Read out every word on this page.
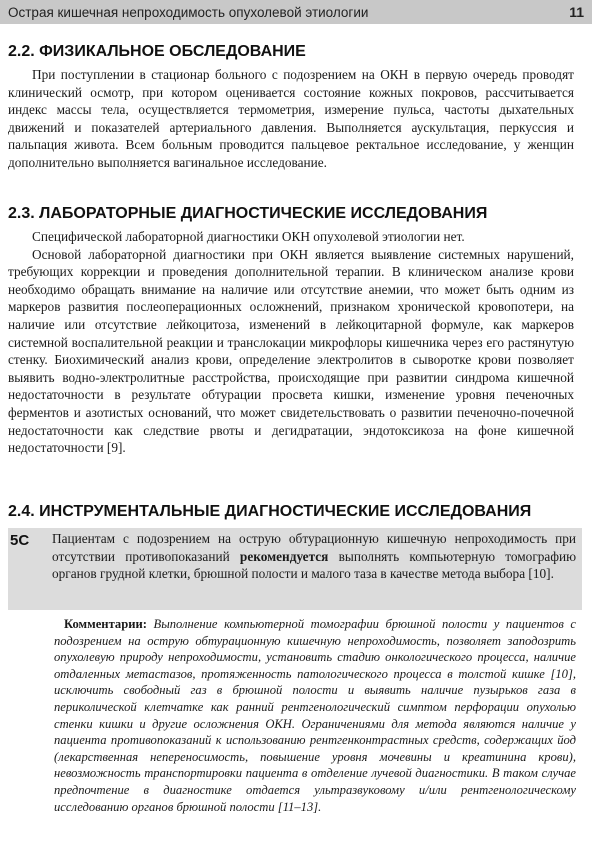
Острая кишечная непроходимость опухолевой этиологии	11
2.2. ФИЗИКАЛЬНОЕ ОБСЛЕДОВАНИЕ

При поступлении в стационар больного с подозрением на ОКН в первую очередь проводят клинический осмотр, при котором оценивается состояние кожных покровов, рассчитывается индекс массы тела, осуществляется термометрия, измерение пульса, частоты дыхательных движений и показателей артериального давления. Выполняется аускультация, перкуссия и пальпация живота. Всем больным проводится пальцевое ректальное исследование, у женщин дополнительно выполняется вагинальное исследование.

2.3. ЛАБОРАТОРНЫЕ ДИАГНОСТИЧЕСКИЕ ИССЛЕДОВАНИЯ

Специфической лабораторной диагностики ОКН опухолевой этиологии нет.

Основой лабораторной диагностики при ОКН является выявление системных нарушений, требующих коррекции и проведения дополнительной терапии. В клиническом анализе крови необходимо обращать внимание на наличие или отсутствие анемии, что может быть одним из маркеров развития послеоперационных осложнений, признаком хронической кровопотери, на наличие или отсутствие лейкоцитоза, изменений в лейкоцитарной формуле, как маркеров системной воспалительной реакции и транслокации микрофлоры кишечника через его растянутую стенку. Биохимический анализ крови, определение электролитов в сыворотке крови позволяет выявить водно-электролитные расстройства, происходящие при развитии синдрома кишечной недостаточности в результате обтурации просвета кишки, изменение уровня печеночных ферментов и азотистых оснований, что может свидетельствовать о развитии печеночно-почечной недостаточности как следствие рвоты и дегидратации, эндотоксикоза на фоне кишечной недостаточности [9].

2.4. ИНСТРУМЕНТАЛЬНЫЕ ДИАГНОСТИЧЕСКИЕ ИССЛЕДОВАНИЯ
5С	Пациентам с подозрением на острую обтурационную кишечную непроходимость при отсутствии противопоказаний рекомендуется выполнять компьютерную томографию органов грудной клетки, брюшной полости и малого таза в качестве метода выбора [10].

Комментарии: Выполнение компьютерной томографии брюшной полости у пациентов с подозрением на острую обтурационную кишечную непроходимость, позволяет заподозрить опухолевую природу непроходимости, установить стадию онкологического процесса, наличие отдаленных метастазов, протяженность патологического процесса в толстой кишке [10], исключить свободный газ в брюшной полости и выявить наличие пузырьков газа в периколической клетчатке как ранний рентгенологический симптом перфорации опухолью стенки кишки и другие осложнения ОКН. Ограничениями для метода являются наличие у пациента противопоказаний к использованию рентгенконтрастных средств, содержащих йод (лекарственная непереносимость, повышение уровня мочевины и креатинина крови), невозможность транспортировки пациента в отделение лучевой диагностики. В таком случае предпочтение в диагностике отдается ультразвуковому и/или рентгенологическому исследованию органов брюшной полости [11–13].
